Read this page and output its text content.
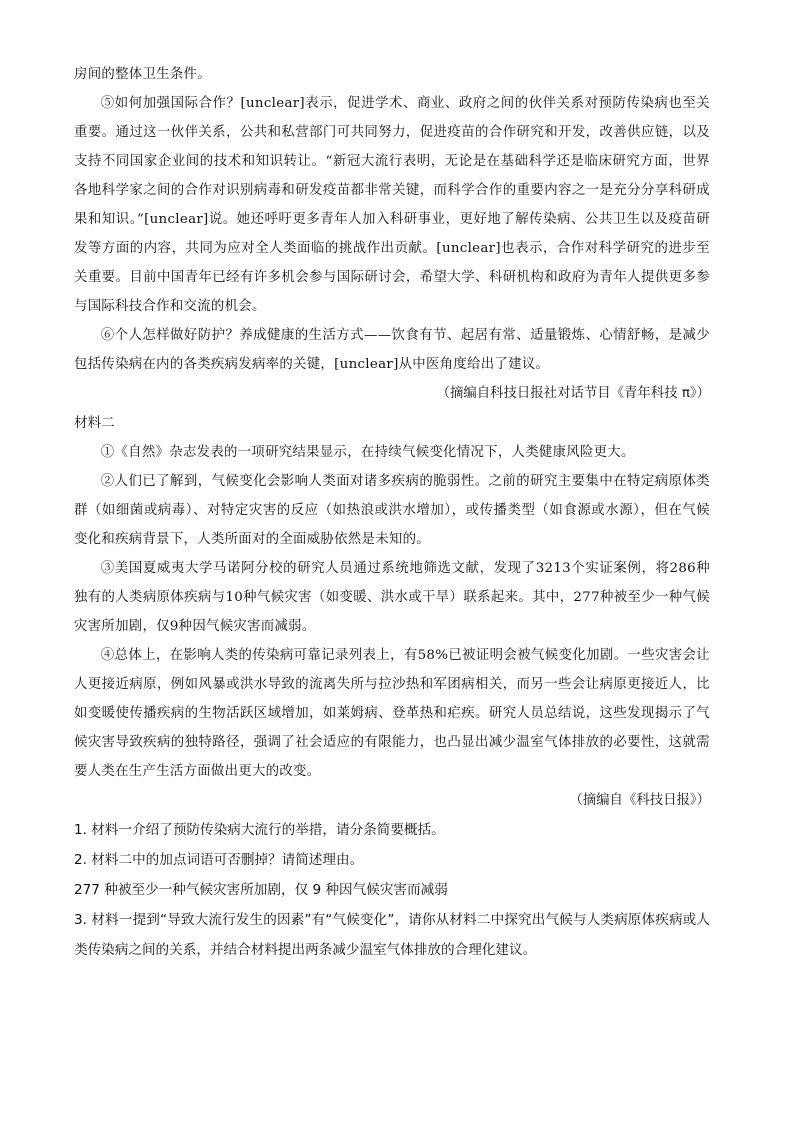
房间的整体卫生条件。

⑤如何加强国际合作？[unclear]表示，促进学术、商业、政府之间的伙伴关系对预防传染病也至关重要。通过这一伙伴关系，公共和私营部门可共同努力，促进疫苗的合作研究和开发，改善供应链，以及支持不同国家企业间的技术和知识转让。“新冠大流行表明，无论是在基础科学还是临床研究方面，世界各地科学家之间的合作对识别病毒和研发疫苗都非常关键，而科学合作的重要内容之一是充分分享科研成果和知识。”[unclear]说。她还呼吁更多青年人加入科研事业，更好地了解传染病、公共卫生以及疫苗研发等方面的内容，共同为应对全人类面临的挑战作出贡献。[unclear]也表示，合作对科学研究的进步至关重要。目前中国青年已经有许多机会参与国际研讨会，希望大学、科研机构和政府为青年人提供更多参与国际科技合作和交流的机会。

⑥个人怎样做好防护？养成健康的生活方式——饮食有节、起居有常、适量锻炼、心情舒畅，是减少包括传染病在内的各类疾病发病率的关键，[unclear]从中医角度给出了建议。

（摘编自科技日报社对话节目《青年科技 π》）

材料二

①《自然》杂志发表的一项研究结果显示，在持续气候变化情况下，人类健康风险更大。

②人们已了解到，气候变化会影响人类面对诸多疾病的脆弱性。之前的研究主要集中在特定病原体类群（如细菌或病毒）、对特定灾害的反应（如热浪或洪水增加），或传播类型（如食源或水源），但在气候变化和疾病背景下，人类所面对的全面威胁依然是未知的。

③美国夏威夷大学马诺阿分校的研究人员通过系统地筛选文献，发现了3213个实证案例，将286种独有的人类病原体疾病与10种气候灾害（如变暖、洪水或干旱）联系起来。其中，277种被至少一种气候灾害所加剧，仅9种因气候灾害而减弱。

④总体上，在影响人类的传染病可靠记录列表上，有58%已被证明会被气候变化加剧。一些灾害会让人更接近病原，例如风暴或洪水导致的流离失所与拉沙热和军团病相关，而另一些会让病原更接近人，比如变暖使传播疾病的生物活跃区域增加，如莱姆病、登革热和疟疾。研究人员总结说，这些发现揭示了气候灾害导致疾病的独特路径，强调了社会适应的有限能力，也凸显出减少温室气体排放的必要性，这就需要人类在生产生活方面做出更大的改变。

（摘编自《科技日报》）

1. 材料一介绍了预防传染病大流行的举措，请分条简要概括。

2. 材料二中的加点词语可否删掉？请简述理由。

277 种被至少一种气候灾害所加剧，仅 9 种因气候灾害而减弱

3. 材料一提到“导致大流行发生的因素”有“气候变化”，请你从材料二中探究出气候与人类病原体疾病或人类传染病之间的关系，并结合材料提出两条减少温室气体排放的合理化建议。
